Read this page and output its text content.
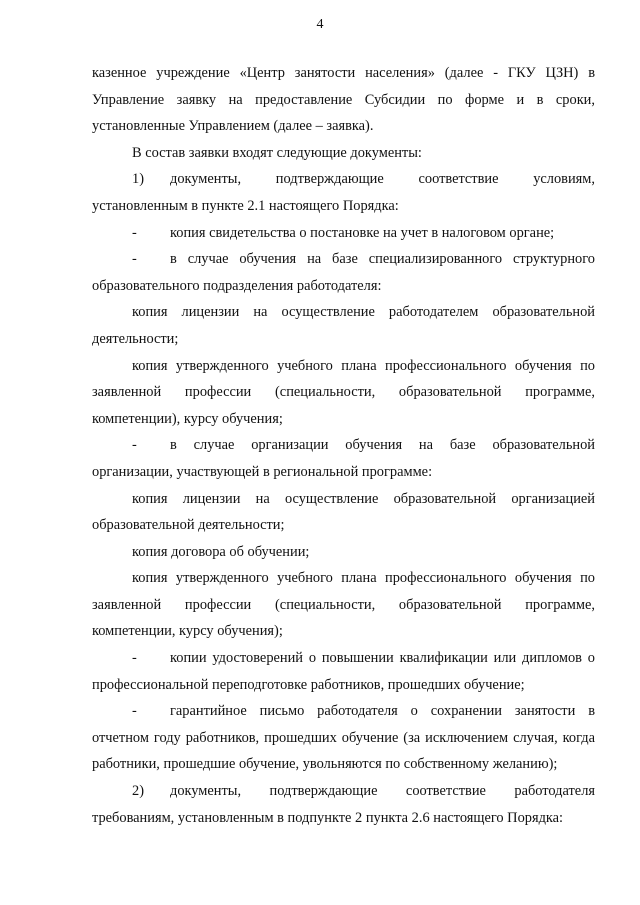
4

казенное учреждение «Центр занятости населения» (далее - ГКУ ЦЗН) в Управление заявку на предоставление Субсидии по форме и в сроки, установленные Управлением (далее – заявка).

В состав заявки входят следующие документы:

1) документы, подтверждающие соответствие условиям, установленным в пункте 2.1 настоящего Порядка:

- копия свидетельства о постановке на учет в налоговом органе;

- в случае обучения на базе специализированного структурного образовательного подразделения работодателя:

копия лицензии на осуществление работодателем образовательной деятельности;

копия утвержденного учебного плана профессионального обучения по заявленной профессии (специальности, образовательной программе, компетенции), курсу обучения;

- в случае организации обучения на базе образовательной организации, участвующей в региональной программе:

копия лицензии на осуществление образовательной организацией образовательной деятельности;

копия договора об обучении;

копия утвержденного учебного плана профессионального обучения по заявленной профессии (специальности, образовательной программе, компетенции, курсу обучения);

- копии удостоверений о повышении квалификации или дипломов о профессиональной переподготовке работников, прошедших обучение;

- гарантийное письмо работодателя о сохранении занятости в отчетном году работников, прошедших обучение (за исключением случая, когда работники, прошедшие обучение, увольняются по собственному желанию);

2) документы, подтверждающие соответствие работодателя требованиям, установленным в подпункте 2 пункта 2.6 настоящего Порядка:
